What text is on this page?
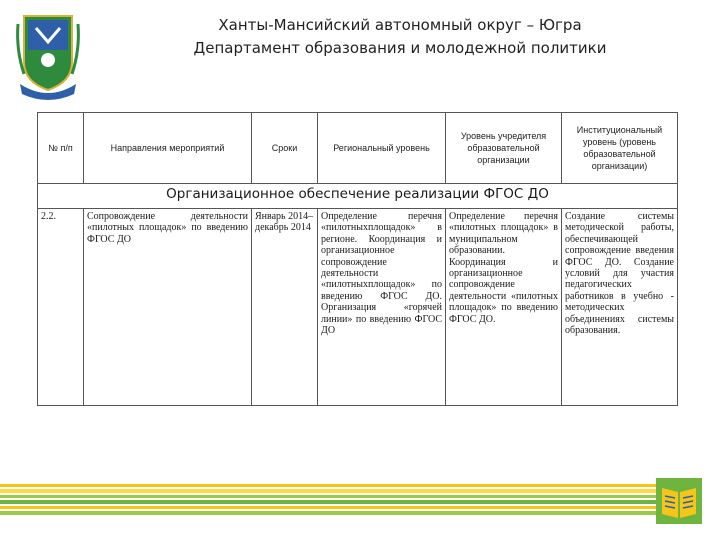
Ханты-Мансийский автономный округ – Югра
Департамент образования и молодежной политики
№ п/п	Направления мероприятий	Сроки	Региональный уровень	Уровень учредителя образовательной организации	Институциональный уровень (уровень образовательной организации)
Организационное обеспечение реализации ФГОС ДО					
2.2.	Сопровождение деятельности «пилотных площадок» по введению ФГОС ДО	Январь 2014– декабрь 2014	Определение перечня «пилотныхплощадок» в регионе. Координация и организационное сопровождение деятельности «пилотныхплощадок» по введению ФГОС ДО. Организация «горячей линии» по введению ФГОС ДО	Определение перечня «пилотных площадок» в муниципальном образовании. Координация и организационное сопровождение деятельности «пилотных площадок» по введению ФГОС ДО.	Создание системы методической работы, обеспечивающей сопровождение введения ФГОС ДО. Создание условий для участия педагогических работников в учебно - методических объединениях системы образования.
